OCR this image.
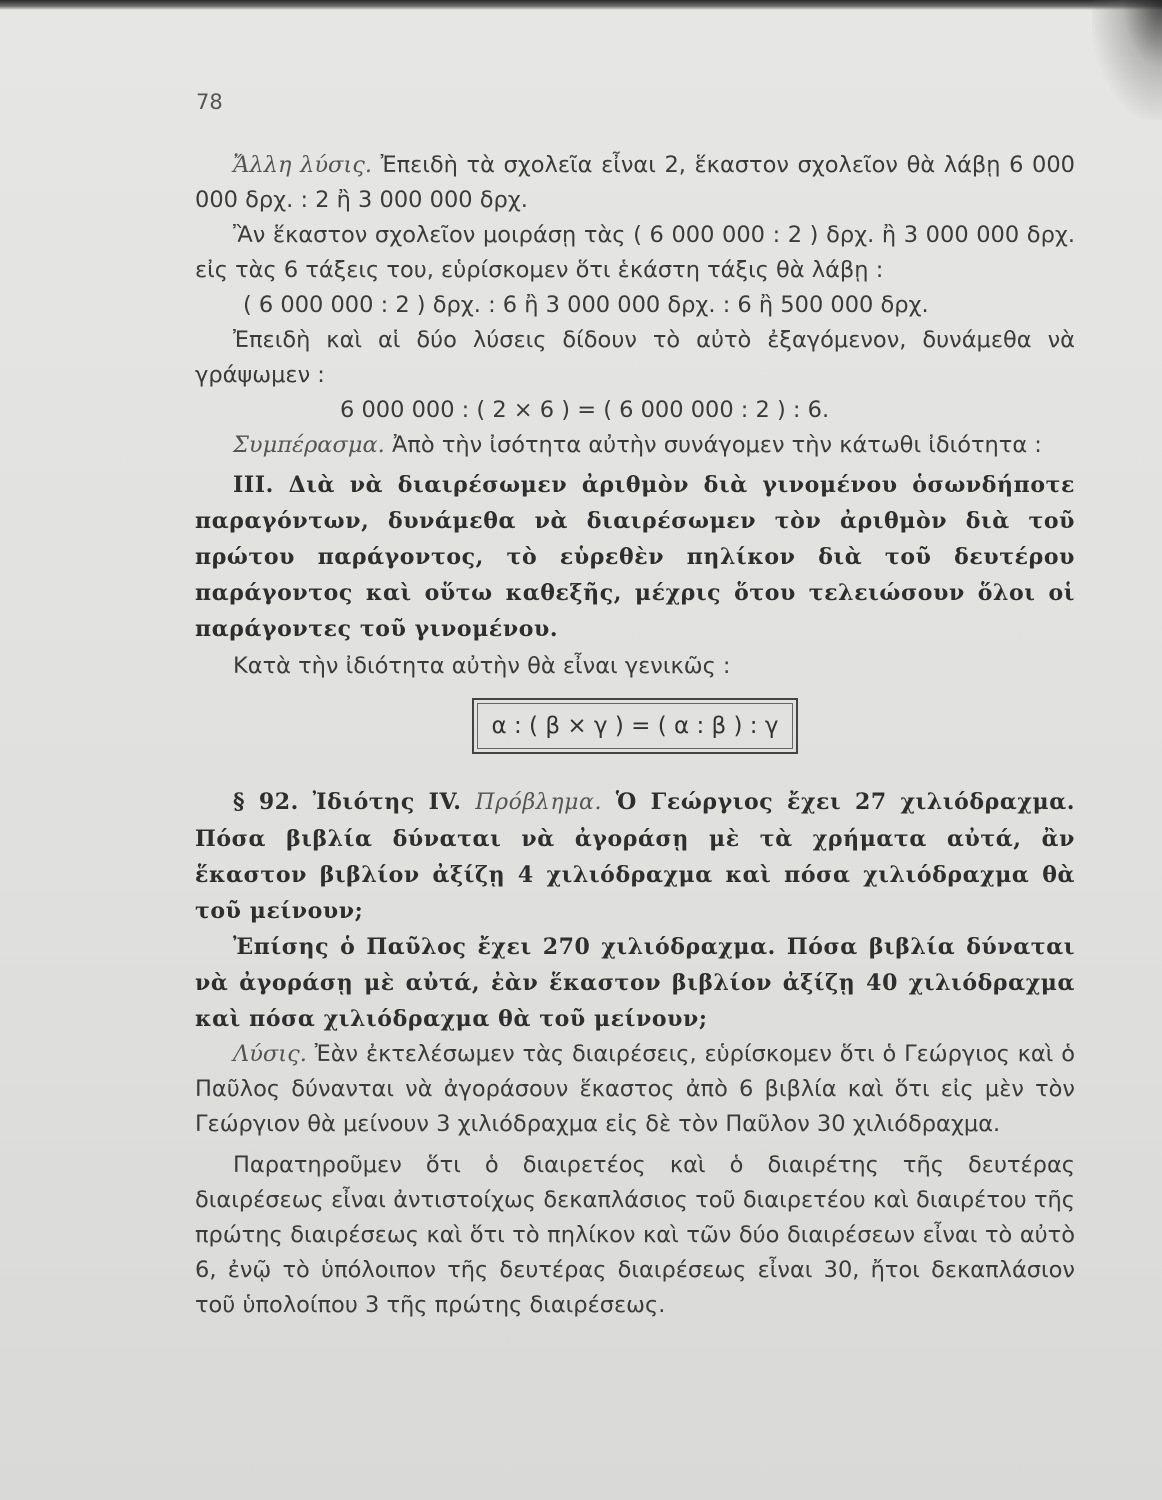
78

Ἄλλη λύσις. Ἐπειδὴ τὰ σχολεῖα εἶναι 2, ἕκαστον σχολεῖον θὰ λάβῃ 6 000 000 δρχ. : 2 ἢ 3 000 000 δρχ.

Ἂν ἕκαστον σχολεῖον μοιράσῃ τὰς ( 6 000 000 : 2 ) δρχ. ἢ 3 000 000 δρχ. εἰς τὰς 6 τάξεις του, εὑρίσκομεν ὅτι ἑκάστη τάξις θὰ λάβῃ :

( 6 000 000 : 2 ) δρχ. : 6 ἢ 3 000 000 δρχ. : 6 ἢ 500 000 δρχ.

Ἐπειδὴ καὶ αἱ δύο λύσεις δίδουν τὸ αὐτὸ ἐξαγόμενον, δυνάμεθα νὰ γράψωμεν :

6 000 000 : ( 2 × 6 ) = ( 6 000 000 : 2 ) : 6.

Συμπέρασμα. Ἀπὸ τὴν ἰσότητα αὐτὴν συνάγομεν τὴν κάτωθι ἰδιότητα :

III. Διὰ νὰ διαιρέσωμεν ἀριθμὸν διὰ γινομένου ὁσωνδήποτε παραγόντων, δυνάμεθα νὰ διαιρέσωμεν τὸν ἀριθμὸν διὰ τοῦ πρώτου παράγοντος, τὸ εὑρεθὲν πηλίκον διὰ τοῦ δευτέρου παράγοντος καὶ οὕτω καθεξῆς, μέχρις ὅτου τελειώσουν ὅλοι οἱ παράγοντες τοῦ γινομένου.

Κατὰ τὴν ἰδιότητα αὐτὴν θὰ εἶναι γενικῶς :

α : ( β × γ ) = ( α : β ) : γ

§ 92. Ἰδιότης IV. Πρόβλημα. Ὁ Γεώργιος ἔχει 27 χιλιόδραχμα. Πόσα βιβλία δύναται νὰ ἀγοράσῃ μὲ τὰ χρήματα αὐτά, ἂν ἕκαστον βιβλίον ἀξίζῃ 4 χιλιόδραχμα καὶ πόσα χιλιόδραχμα θὰ τοῦ μείνουν;

Ἐπίσης ὁ Παῦλος ἔχει 270 χιλιόδραχμα. Πόσα βιβλία δύναται νὰ ἀγοράσῃ μὲ αὐτά, ἐὰν ἕκαστον βιβλίον ἀξίζῃ 40 χιλιόδραχμα καὶ πόσα χιλιόδραχμα θὰ τοῦ μείνουν;

Λύσις. Ἐὰν ἐκτελέσωμεν τὰς διαιρέσεις, εὑρίσκομεν ὅτι ὁ Γεώργιος καὶ ὁ Παῦλος δύνανται νὰ ἀγοράσουν ἕκαστος ἀπὸ 6 βιβλία καὶ ὅτι εἰς μὲν τὸν Γεώργιον θὰ μείνουν 3 χιλιόδραχμα εἰς δὲ τὸν Παῦλον 30 χιλιόδραχμα.

Παρατηροῦμεν ὅτι ὁ διαιρετέος καὶ ὁ διαιρέτης τῆς δευτέρας διαιρέσεως εἶναι ἀντιστοίχως δεκαπλάσιος τοῦ διαιρετέου καὶ διαιρέτου τῆς πρώτης διαιρέσεως καὶ ὅτι τὸ πηλίκον καὶ τῶν δύο διαιρέσεων εἶναι τὸ αὐτὸ 6, ἐνῷ τὸ ὑπόλοιπον τῆς δευτέρας διαιρέσεως εἶναι 30, ἤτοι δεκαπλάσιον τοῦ ὑπολοίπου 3 τῆς πρώτης διαιρέσεως.
